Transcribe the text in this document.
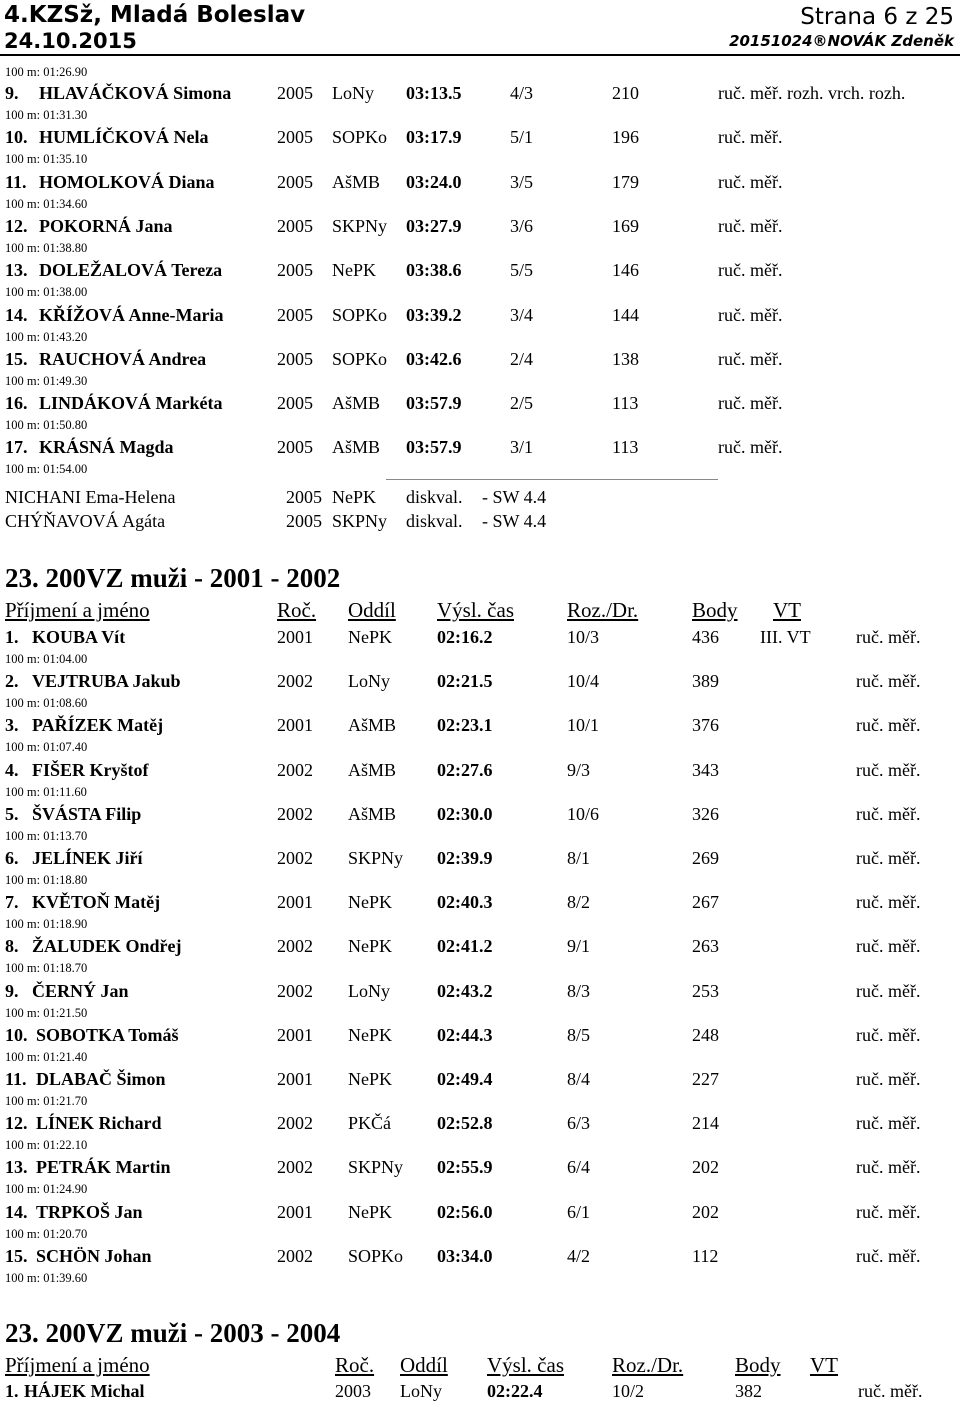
4.KZSž, Mladá Boleslav
24.10.2015
Strana 6 z 25
20151024®NOVÁK Zdeněk
100 m: 01:26.90
9. HLAVÁČKOVÁ Simona	2005 LoNy 03:13.5	4/3	210	ruč. měř. rozh. vrch. rozh.
100 m: 01:31.30
10. HUMLÍČKOVÁ Nela	2005 SOPKo 03:17.9	5/1	196	ruč. měř.
100 m: 01:35.10
11. HOMOLKOVÁ Diana	2005 AšMB 03:24.0	3/5	179	ruč. měř.
100 m: 01:34.60
12. POKORNÁ Jana	2005 SKPNy 03:27.9	3/6	169	ruč. měř.
100 m: 01:38.80
13. DOLEŽALOVÁ Tereza	2005 NePK 03:38.6	5/5	146	ruč. měř.
100 m: 01:38.00
14. KŘÍŽOVÁ Anne-Maria	2005 SOPKo 03:39.2	3/4	144	ruč. měř.
100 m: 01:43.20
15. RAUCHOVÁ Andrea	2005 SOPKo 03:42.6	2/4	138	ruč. měř.
100 m: 01:49.30
16. LINDÁKOVÁ Markéta	2005 AšMB 03:57.9	2/5	113	ruč. měř.
100 m: 01:50.80
17. KRÁSNÁ Magda	2005 AšMB 03:57.9	3/1	113	ruč. měř.
100 m: 01:54.00
NICHANI Ema-Helena	2005 NePK diskval. - SW 4.4
CHÝŇAVOVÁ Agáta	2005 SKPNy diskval. - SW 4.4
23. 200VZ muži - 2001 - 2002
Příjmení a jméno	Roč. Oddíl Výsl. čas	Roz./Dr.	Body VT
1. KOUBA Vít	2001 NePK	02:16.2	10/3	436 III. VT	ruč. měř.
100 m: 01:04.00
2. VEJTRUBA Jakub	2002 LoNy	02:21.5	10/4	389	ruč. měř.
100 m: 01:08.60
3. PAŘÍZEK Matěj	2001 AšMB 02:23.1	10/1	376	ruč. měř.
100 m: 01:07.40
4. FIŠER Kryštof	2002 AšMB 02:27.6	9/3	343	ruč. měř.
100 m: 01:11.60
5. ŠVÁSTA Filip	2002 AšMB 02:30.0	10/6	326	ruč. měř.
100 m: 01:13.70
6. JELÍNEK Jiří	2002 SKPNy 02:39.9	8/1	269	ruč. měř.
100 m: 01:18.80
7. KVĚTOŇ Matěj	2001 NePK	02:40.3	8/2	267	ruč. měř.
100 m: 01:18.90
8. ŽALUDEK Ondřej	2002 NePK	02:41.2	9/1	263	ruč. měř.
100 m: 01:18.70
9. ČERNÝ Jan	2002 LoNy	02:43.2	8/3	253	ruč. měř.
100 m: 01:21.50
10. SOBOTKA Tomáš	2001 NePK	02:44.3	8/5	248	ruč. měř.
100 m: 01:21.40
11. DLABAČ Šimon	2001 NePK	02:49.4	8/4	227	ruč. měř.
100 m: 01:21.70
12. LÍNEK Richard	2002 PKČá	02:52.8	6/3	214	ruč. měř.
100 m: 01:22.10
13. PETRÁK Martin	2002 SKPNy 02:55.9	6/4	202	ruč. měř.
100 m: 01:24.90
14. TRPKOŠ Jan	2001 NePK	02:56.0	6/1	202	ruč. měř.
100 m: 01:20.70
15. SCHÖN Johan	2002 SOPKo 03:34.0	4/2	112	ruč. měř.
100 m: 01:39.60
23. 200VZ muži - 2003 - 2004
Příjmení a jméno	Roč. Oddíl Výsl. čas Roz./Dr. Body VT
1. HÁJEK Michal	2003 LoNy	02:22.4	10/2	382	ruč. měř.
